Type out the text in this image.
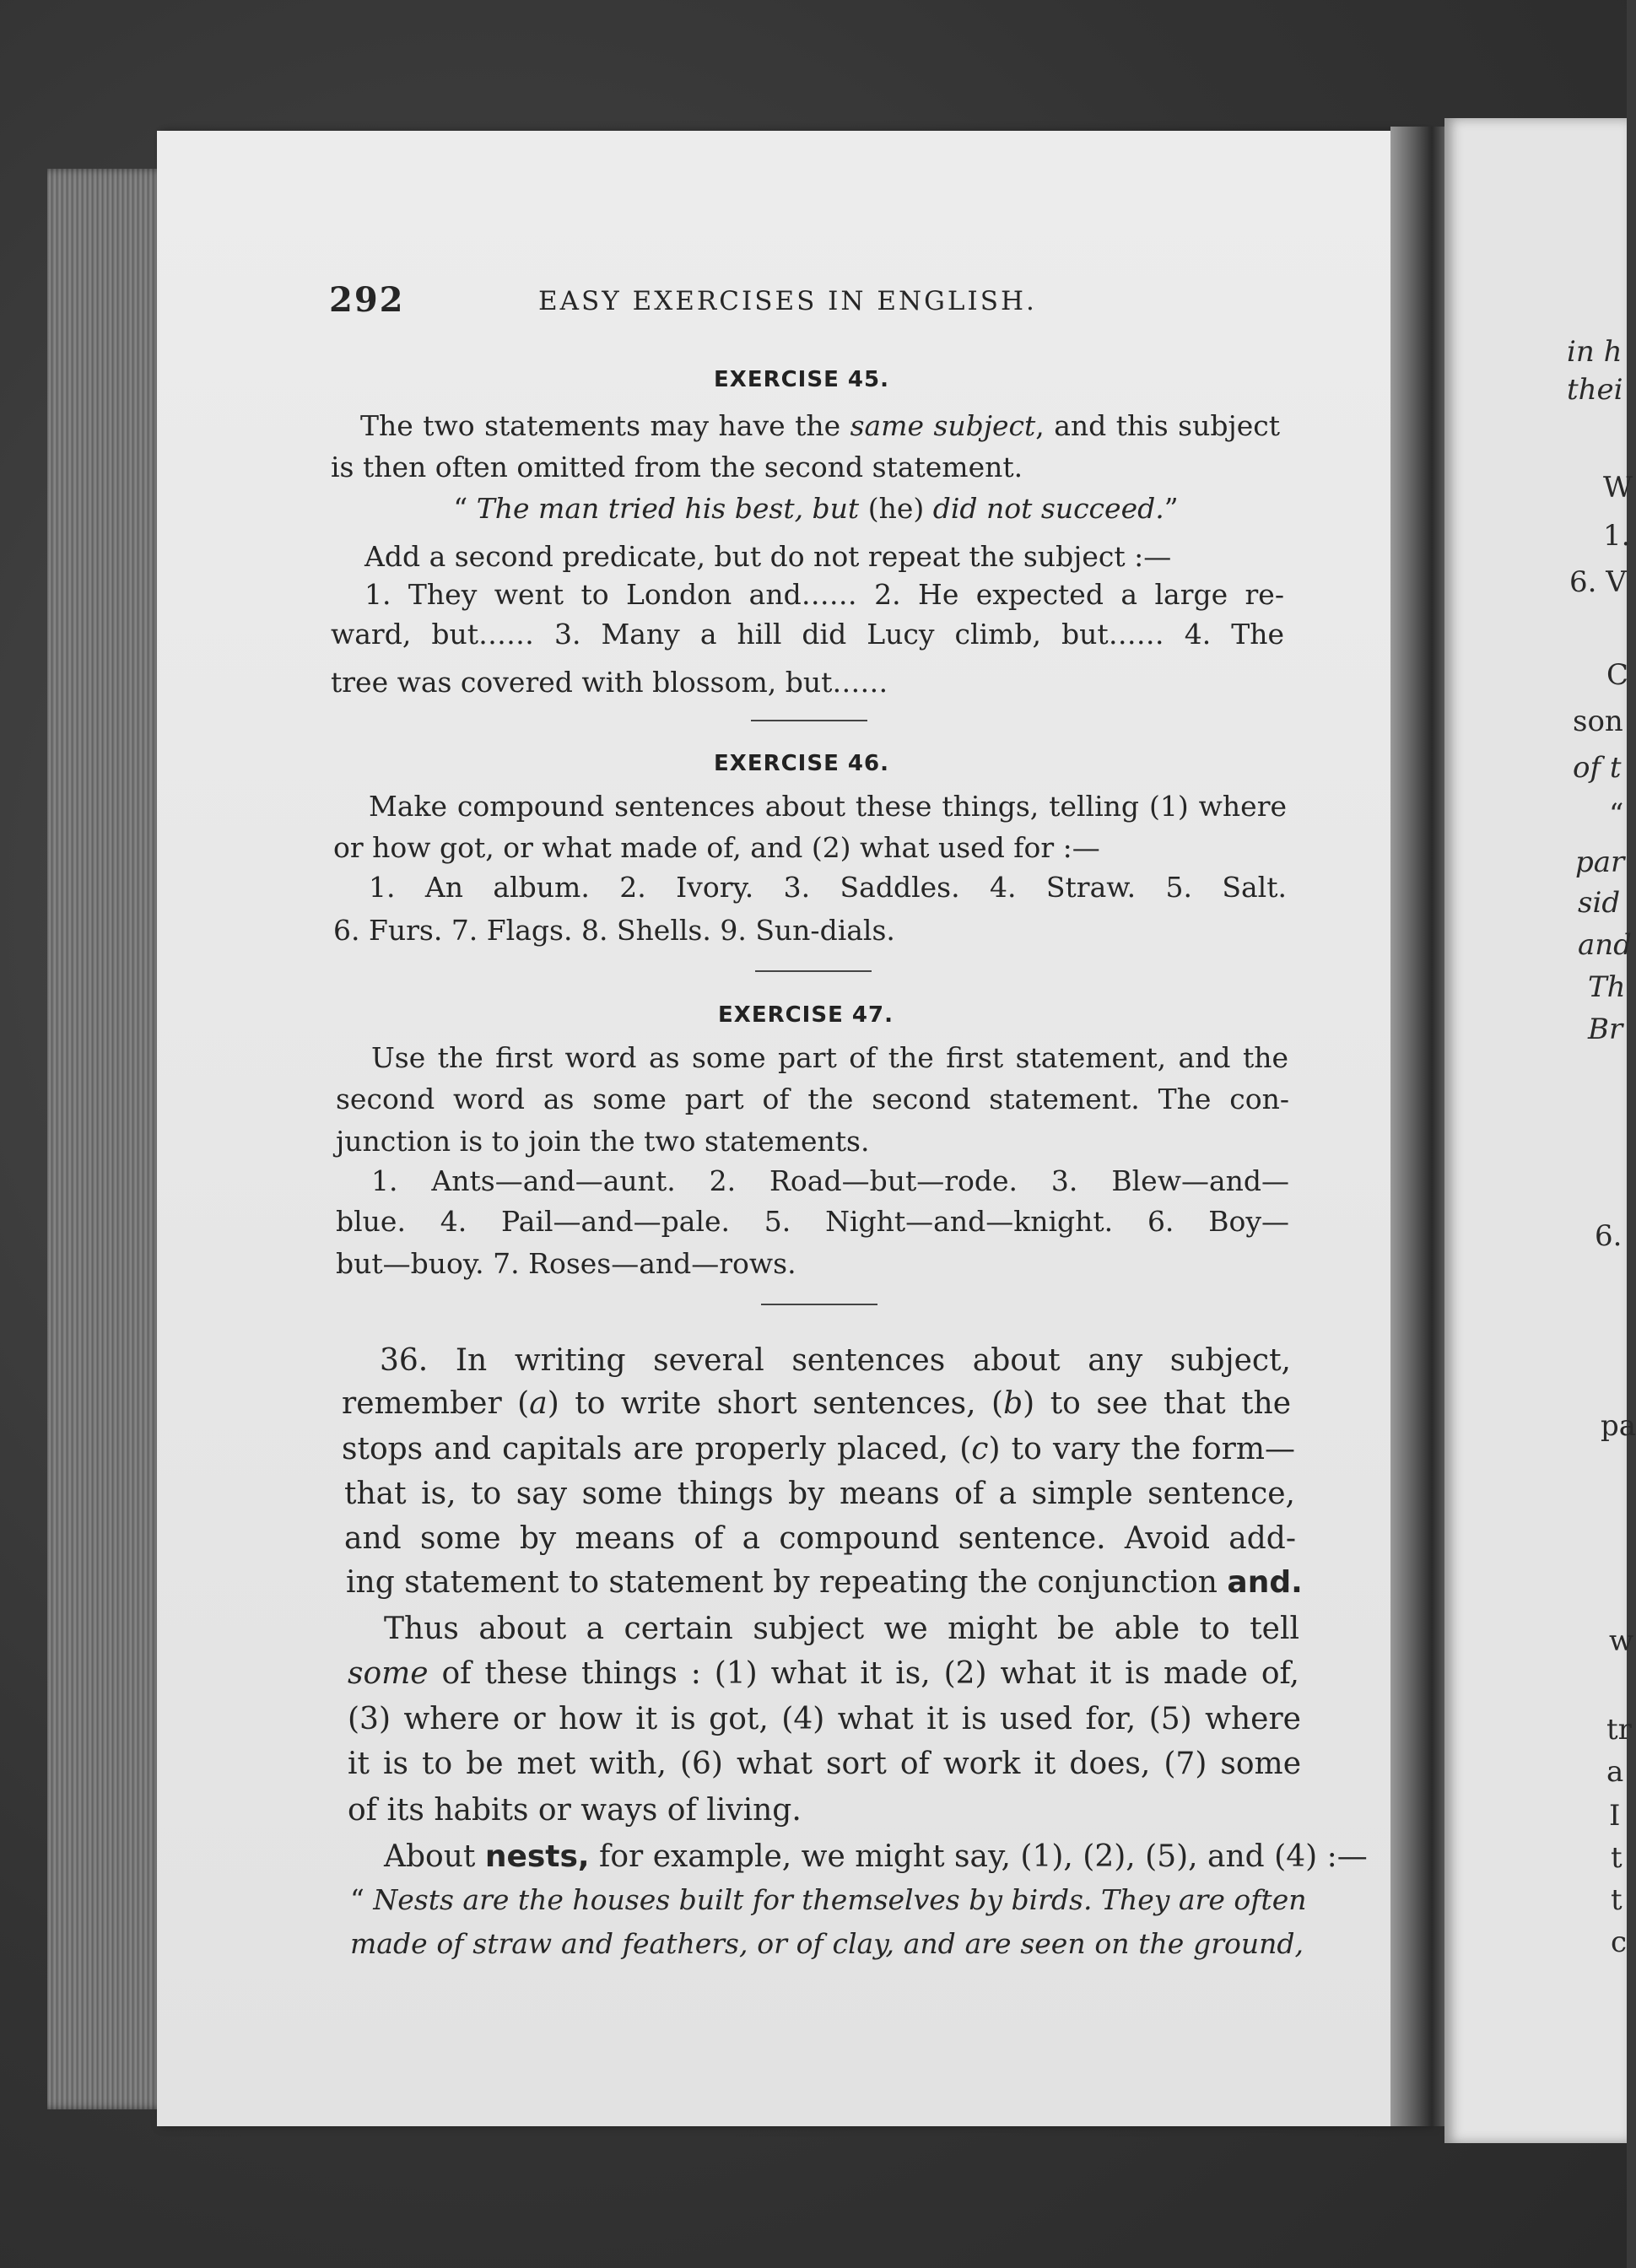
292	EASY EXERCISES IN ENGLISH.
EXERCISE 45.
The two statements may have the same subject, and this subject
is then often omitted from the second statement.
“ The man tried his best, but (he) did not succeed.”
Add a second predicate, but do not repeat the subject :—
1. They went to London and…… 2. He expected a large re-
ward, but…… 3. Many a hill did Lucy climb, but…… 4. The
tree was covered with blossom, but……
EXERCISE 46.
Make compound sentences about these things, telling (1) where
or how got, or what made of, and (2) what used for :—
1. An album. 2. Ivory. 3. Saddles. 4. Straw. 5. Salt.
6. Furs. 7. Flags. 8. Shells. 9. Sun-dials.
EXERCISE 47.
Use the first word as some part of the first statement, and the
second word as some part of the second statement. The con-
junction is to join the two statements.
1. Ants—and—aunt. 2. Road—but—rode. 3. Blew—and—
blue. 4. Pail—and—pale. 5. Night—and—knight. 6. Boy—
but—buoy. 7. Roses—and—rows.
36. In writing several sentences about any subject,
remember (a) to write short sentences, (b) to see that the
stops and capitals are properly placed, (c) to vary the form—
that is, to say some things by means of a simple sentence,
and some by means of a compound sentence. Avoid add-
ing statement to statement by repeating the conjunction and.
Thus about a certain subject we might be able to tell
some of these things : (1) what it is, (2) what it is made of,
(3) where or how it is got, (4) what it is used for, (5) where
it is to be met with, (6) what sort of work it does, (7) some
of its habits or ways of living.
About nests, for example, we might say, (1), (2), (5), and (4) :—
“ Nests are the houses built for themselves by birds. They are often
made of straw and feathers, or of clay, and are seen on the ground,
in h
thei
W
1.
6. V
C
son
of t
“
par
sid
and
Th
Br
6.
pa
w
tr
a
I
t
t
c
